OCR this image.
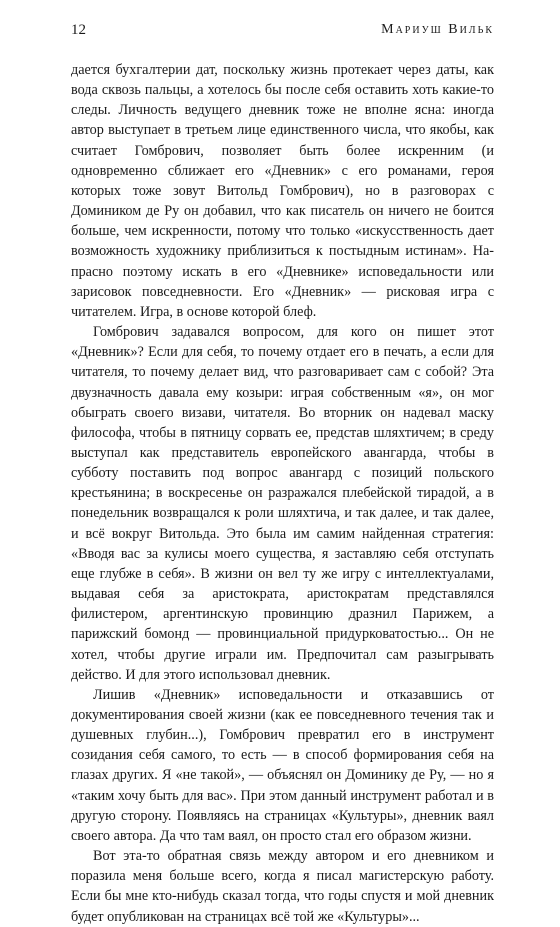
12	Мариуш Вильк

дается бухгалтерии дат, поскольку жизнь протекает через даты, как вода сквозь пальцы, а хотелось бы после себя оставить хоть какие-то следы. Личность ведущего дневник тоже не вполне ясна: иногда автор выступает в третьем лице единственного числа, что якобы, как считает Гомбрович, позволяет быть более искренним (и одновременно сближает его «Дневник» с его романами, героя которых тоже зовут Витольд Гомбрович), но в разговорах с Домиником де Ру он добавил, что как писатель он ничего не боится больше, чем искренности, потому что только «искусственность дает возможность художнику приблизиться к постыдным истинам». Напрасно поэтому искать в его «Дневнике» исповедальности или зарисовок повседневности. Его «Дневник» — рисковая игра с читателем. Игра, в основе которой блеф.

Гомбрович задавался вопросом, для кого он пишет этот «Дневник»? Если для себя, то почему отдает его в печать, а если для читателя, то почему делает вид, что разговаривает сам с собой? Эта двузначность давала ему козыри: играя собственным «я», он мог обыграть своего визави, читателя. Во вторник он надевал маску философа, чтобы в пятницу сорвать ее, представ шляхтичем; в среду выступал как представитель европейского авангарда, чтобы в субботу поставить под вопрос авангард с позиций польского крестьянина; в воскресенье он разражался плебейской тирадой, а в понедельник возвращался к роли шляхтича, и так далее, и так далее, и всё вокруг Витольда. Это была им самим найденная стратегия: «Вводя вас за кулисы моего существа, я заставляю себя отступать еще глубже в себя». В жизни он вел ту же игру с интеллектуалами, выдавая себя за аристократа, аристократам представлялся филистером, аргентинскую провинцию дразнил Парижем, а парижский бомонд — провинциальной придурковатостью... Он не хотел, чтобы другие играли им. Предпочитал сам разыгрывать действо. И для этого использовал дневник.

Лишив «Дневник» исповедальности и отказавшись от документирования своей жизни (как ее повседневного течения так и душевных глубин...), Гомбрович превратил его в инструмент созидания себя самого, то есть — в способ формирования себя на глазах других. Я «не такой», — объяснял он Доминику де Ру, — но я «таким хочу быть для вас». При этом данный инструмент работал и в другую сторону. Появляясь на страницах «Культуры», дневник ваял своего автора. Да что там ваял, он просто стал его образом жизни.

Вот эта-то обратная связь между автором и его дневником и поразила меня больше всего, когда я писал магистерскую работу. Если бы мне кто-нибудь сказал тогда, что годы спустя и мой дневник будет опубликован на страницах всё той же «Культуры»...
